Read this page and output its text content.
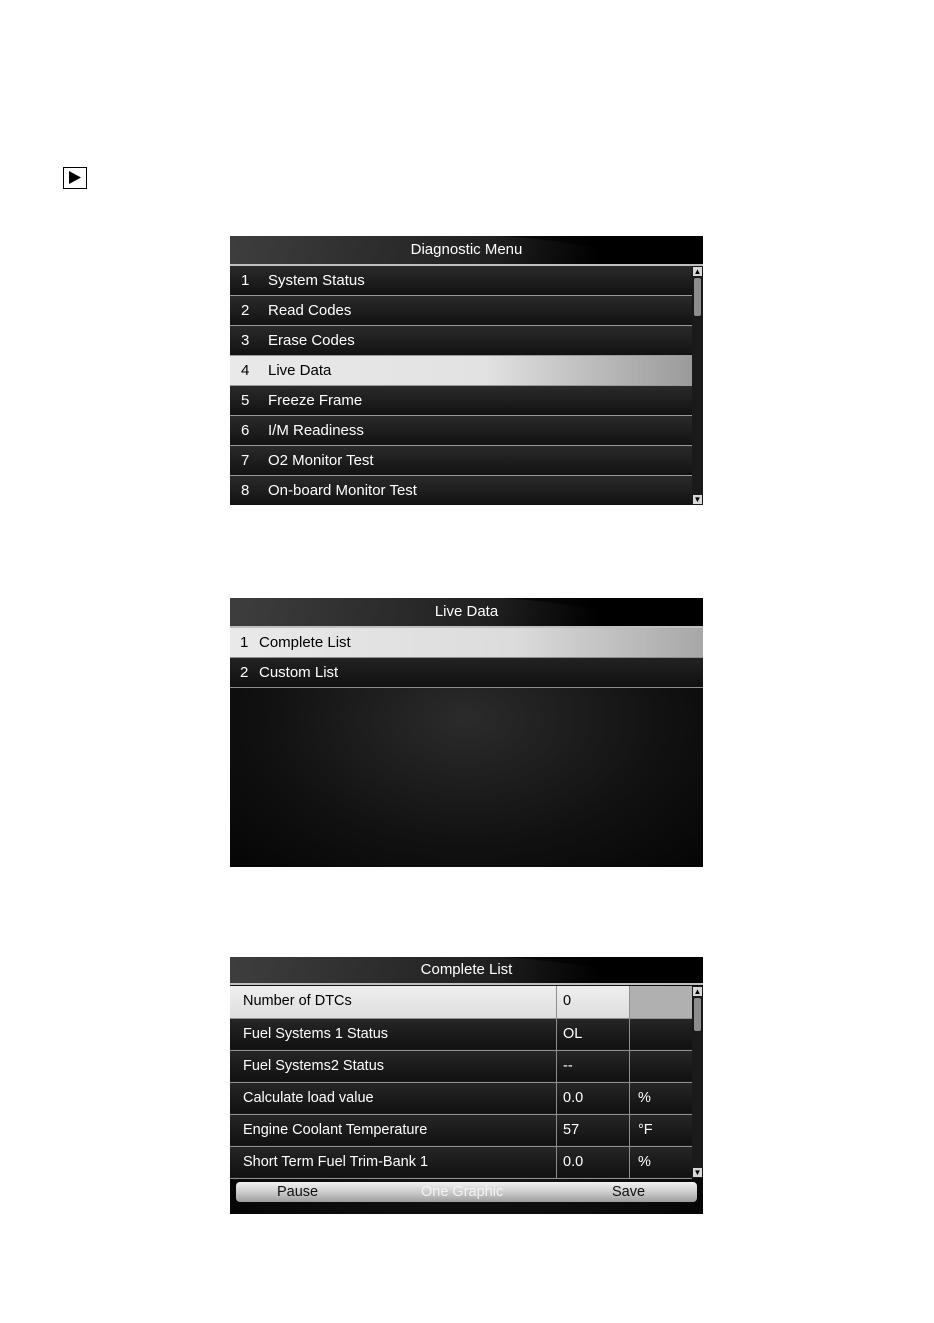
Diagnostic Menu
1 System Status
2 Read Codes
3 Erase Codes
4 Live Data
5 Freeze Frame
6 I/M Readiness
7 O2 Monitor Test
8 On-board Monitor Test
▲
▼
Live Data
1 Complete List
2 Custom List
Complete List
Number of DTCs	0	
Fuel Systems 1 Status	OL	
Fuel Systems2 Status	--	
Calculate load value	0.0	%
Engine Coolant Temperature	57	°F
Short Term Fuel Trim-Bank 1	0.0	%
▲
▼
Pause	One Graphic	Save
